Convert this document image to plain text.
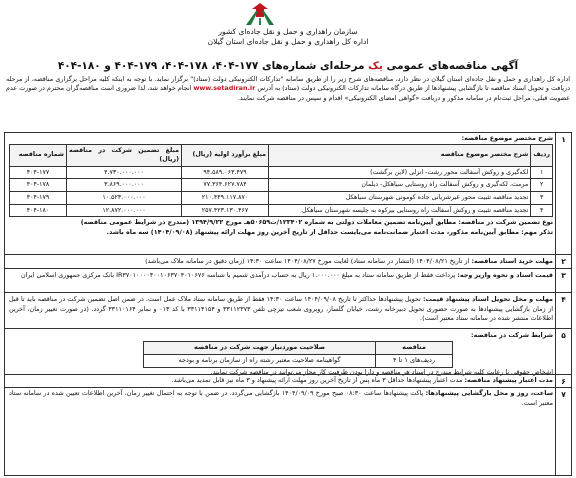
سازمان راهداری و حمل و نقل جاده‌ای کشور
اداره کل راهداری و حمل و نقل جاده‌ای استان گیلان
آگهی مناقصه‌های عمومی یک مرحله‌ای شماره‌های ۱۷۷-۴۰۴، ۱۷۸-۴۰۴، ۱۷۹-۴۰۴ و ۱۸۰-۴۰۴
اداره کل راهداری و حمل و نقل جاده‌ای استان گیلان در نظر دارد، مناقصه‌های شرح زیر را از طریق سامانه "تدارکات الکترونیکی دولت (ستاد)" برگزار نماید. با توجه به اینکه کلیه مراحل برگزاری مناقصه، از مرحله دریافت و تحویل اسناد مناقصه تا بازگشایی پیشنهادها از طریق درگاه سامانه تدارکات الکترونیکی دولت (ستاد) به آدرس www.setadiran.ir انجام خواهد شد، لذا ضروری است مناقصه‌گران محترم در صورت عدم عضویت قبلی، مراحل ثبت‌نام در سامانه مذکور و دریافت «گواهی امضای الکترونیکی» اقدام و سپس در مناقصه شرکت نمایند.
۱
شرح مختصر موضوع مناقصه:
ردیف	شرح مختصر موضوع مناقصه	مبلغ برآورد اولیه (ریال)	مبلغ تضمین شرکت در مناقصه (ریال)	شماره مناقصه
۱	لکه‌گیری و روکش آسفالت محور رشت- انزلی (لاین برگشت)	۹۴.۵۸۹.۰۶۳.۴۷۹	۴.۷۳۰.۰۰۰.۰۰۰	۴۰۴-۱۷۷
۲	مرمت، لکه‌گیری و روکش آسفالت راه روستایی سیاهکل- دیلمان	۷۷.۳۶۴.۶۲۷.۷۸۴	۳.۸۶۹.۰۰۰.۰۰۰	۴۰۴-۱۷۸
۳	تجدید مناقصه تثبیت محور غیرشریانی جاده کومونی شهرستان سیاهکل	۲۱۰.۴۴۹.۱۱۷.۸۷۰	۱۰.۵۲۳.۰۰۰.۰۰۰	۴۰۴-۱۷۹
۴	تجدید مناقصه تثبیت و روکش آسفالت راه روستایی بیرکوه به چلیسه شهرستان سیاهکل	۲۵۷.۴۲۳.۱۳۰.۴۶۷	۱۲.۸۷۲.۰۰۰.۰۰۰	۴۰۴-۱۸۰
نوع تضمین شرکت در مناقصه: مطابق آیین‌نامه تضمین معاملات دولتی به شماره ۱۲۳۴۰۲/ت۵۰۶۵۹هـ مورخ ۱۳۹۴/۹/۲۲ (مندرج در شرایط عمومی مناقصه)
تذکر مهم: مطابق آیین‌نامه مذکور، مدت اعتبار ضمانت‌نامه می‌بایست حداقل از تاریخ آخرین روز مهلت ارائه پیشنهاد (۱۴۰۴/۰۹/۰۸) سه ماه باشد.
۲
مهلت خرید اسناد مناقصه: از تاریخ ۱۴۰۴/۰۸/۲۱ (انتشار در سامانه ستاد) لغایت مورخ ۱۴۰۴/۰۸/۲۷ ساعت ۱۴:۳۰ (زمان دقیق در سامانه ملاک می‌باشد)
۳
قیمت اسناد و نحوه واریز وجه: پرداخت فقط از طریق سامانه ستاد به مبلغ ۱.۰۰۰.۰۰۰ ریال به حساب درآمدی شمیم با شناسه IR۳۷۰۱۰۰۰۰۴۰۰۱۰۶۳۷۰۴۰۱۰۶۷۶ بانک مرکزی جمهوری اسلامی ایران
۴
مهلت و محل تحویل اسناد پیشنهاد قیمت: تحویل پیشنهادها حداکثر تا تاریخ ۱۴۰۴/۰۹/۰۸ ساعت ۱۴:۳۰ فقط از طریق سامانه ستاد ملاک عمل است. در ضمن اصل تضمین شرکت در مناقصه باید تا قبل از زمان بازگشایی پیشنهادها به صورت حضوری تحویل دبیرخانه رشت، خیابان گلسار، روبروی شعب تیرچی تلفن ۳۳۱۱۲۳۷۳ و ۳۳۱۱۴۱۵۴ با کد ۰۱۳ و نمابر ۳۳۱۱۰۱۶۴ گردد. (در صورت تغییر زمان، آخرین اطلاعات منتشر شده در سامانه ستاد معتبر است).
۵
شرایط شرکت در مناقصه:
مناقصه	صلاحیت موردنیاز جهت شرکت در مناقصه
ردیف‌های ۱ تا ۴	گواهینامه صلاحیت معتبر رشته راه از سازمان برنامه و بودجه
اشخاص حقوقی با رعایت کلیه شرایط مندرج در اسناد هر مناقصه و دارا بودن ظرفیت کار مجاز می‌توانند در مناقصه شرکت نمایند.
۶
مدت اعتبار پیشنهاد مناقصه: مدت اعتبار پیشنهادها حداقل ۳ ماه پس از تاریخ آخرین روز مهلت ارائه پیشنهاد و ۳ ماه نیز قابل تمدید می‌باشد.
۷
ساعت، روز و محل بازگشایی پیشنهادها: پاکت پیشنهادها ساعت ۰۸:۳۰ صبح مورخ ۱۴۰۴/۰۹/۰۹ بازگشایی می‌گردد. در ضمن با توجه به احتمال تغییر زمان، آخرین اطلاعات تعیین شده در سامانه ستاد معتبر است.
